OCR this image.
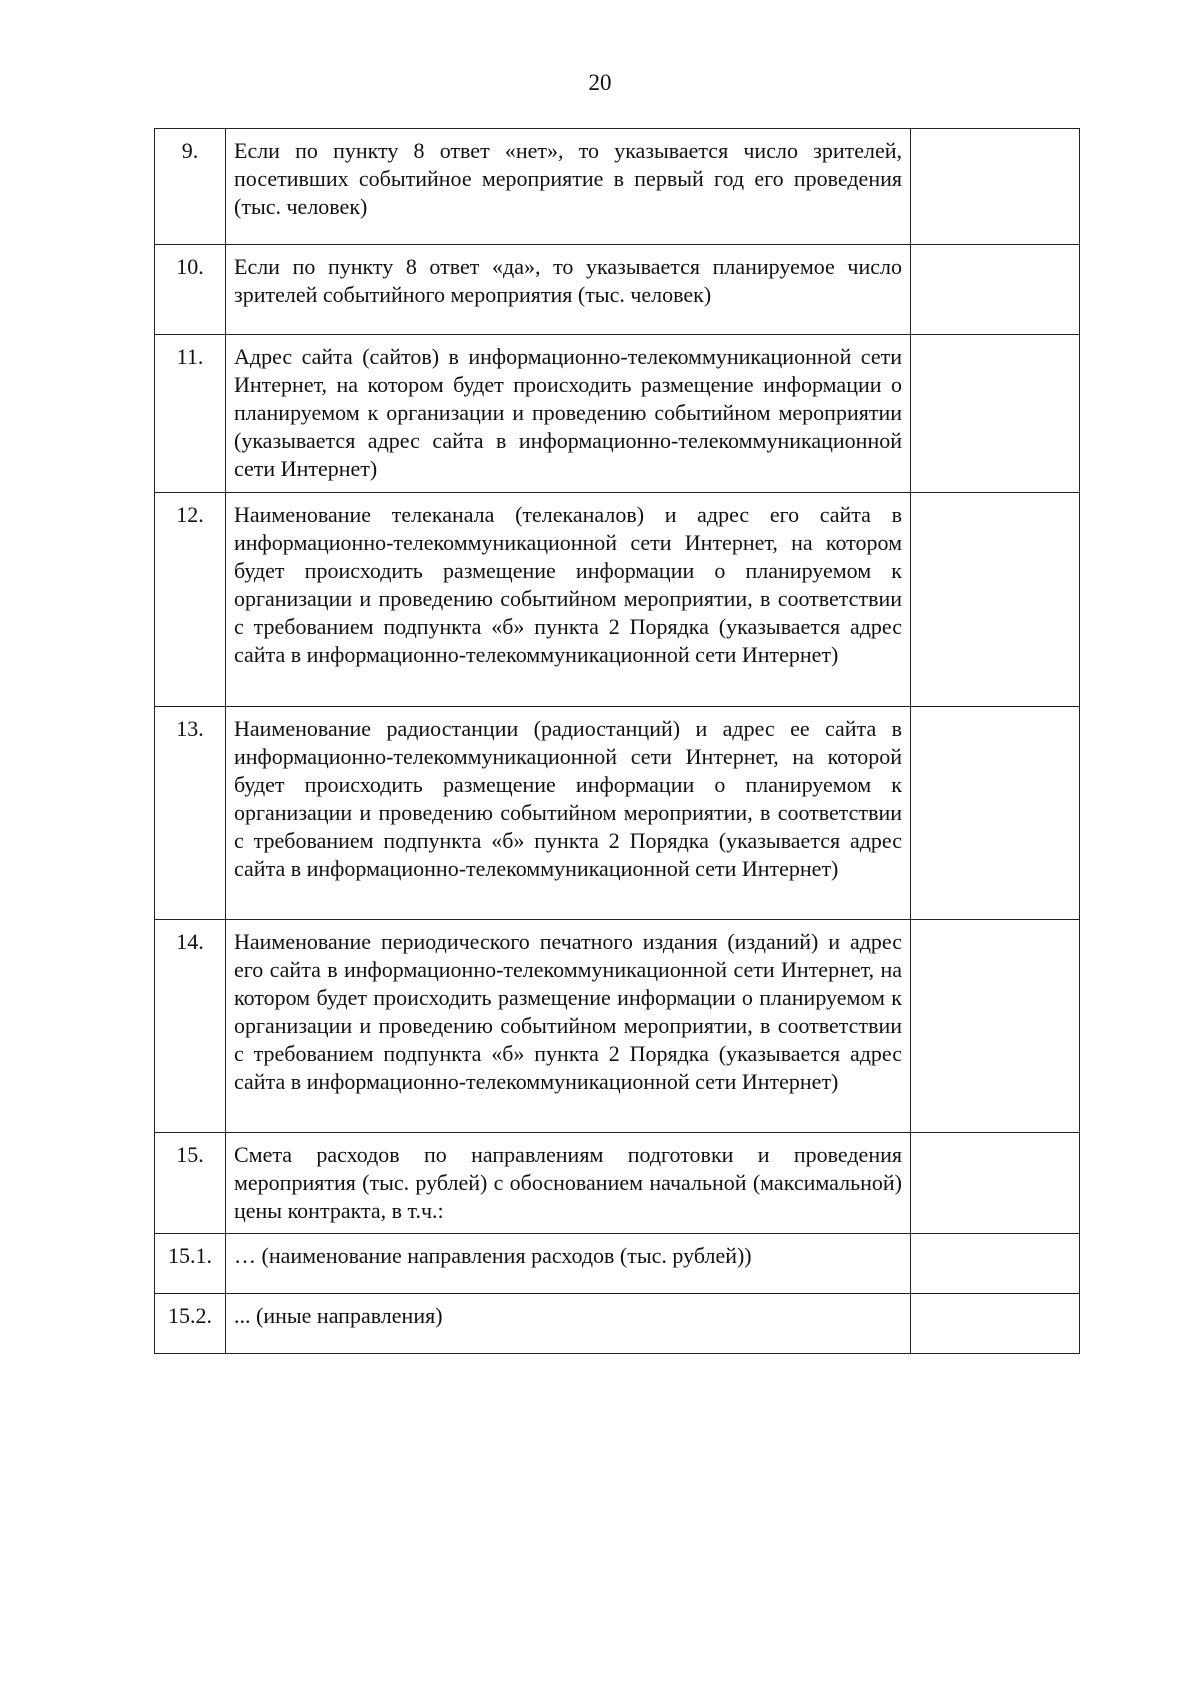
20
9.	Если по пункту 8 ответ «нет», то указывается число зрителей, посетивших событийное мероприятие в первый год его проведения (тыс. человек)	
10.	Если по пункту 8 ответ «да», то указывается планируемое число зрителей событийного мероприятия (тыс. человек)	
11.	Адрес сайта (сайтов) в информационно-телекоммуникационной сети Интернет, на котором будет происходить размещение информации о планируемом к организации и проведению событийном мероприятии (указывается адрес сайта в информационно-телекоммуникационной сети Интернет)	
12.	Наименование телеканала (телеканалов) и адрес его сайта в информационно-телекоммуникационной сети Интернет, на котором будет происходить размещение информации о планируемом к организации и проведению событийном мероприятии, в соответствии с требованием подпункта «б» пункта 2 Порядка (указывается адрес сайта в информационно-телекоммуникационной сети Интернет)	
13.	Наименование радиостанции (радиостанций) и адрес ее сайта в информационно-телекоммуникационной сети Интернет, на которой будет происходить размещение информации о планируемом к организации и проведению событийном мероприятии, в соответствии с требованием подпункта «б» пункта 2 Порядка (указывается адрес сайта в информационно-телекоммуникационной сети Интернет)	
14.	Наименование периодического печатного издания (изданий) и адрес его сайта в информационно-телекоммуникационной сети Интернет, на котором будет происходить размещение информации о планируемом к организации и проведению событийном мероприятии, в соответствии с требованием подпункта «б» пункта 2 Порядка (указывается адрес сайта в информационно-телекоммуникационной сети Интернет)	
15.	Смета расходов по направлениям подготовки и проведения мероприятия (тыс. рублей) с обоснованием начальной (максимальной) цены контракта, в т.ч.:	
15.1.	… (наименование направления расходов (тыс. рублей))	
15.2.	... (иные направления)	
